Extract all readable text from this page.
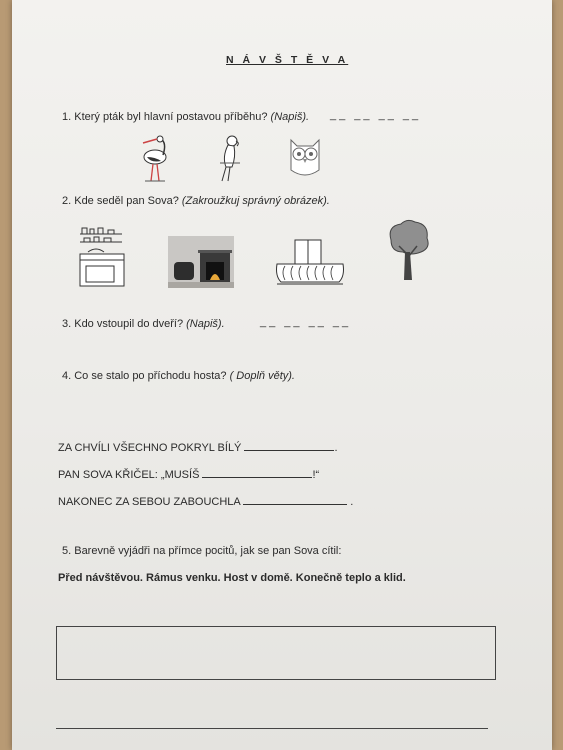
N Á V Š T Ě V A
1. Který pták byl hlavní postavou příběhu? (Napiš). __ __ __ __
2. Kde seděl pan Sova? (Zakroužkuj správný obrázek).
3. Kdo vstoupil do dveří? (Napiš).	__ __ __ __
4. Co se stalo po příchodu hosta? ( Doplň věty).
ZA CHVÍLI VŠECHNO POKRYL BÍLÝ	.
PAN SOVA KŘIČEL: „MUSÍŠ	!“
NAKONEC ZA SEBOU ZABOUCHLA	.
5. Barevně vyjádři na přímce pocitů, jak se pan Sova cítil:
Před návštěvou. Rámus venku. Host v domě. Konečně teplo a klid.
